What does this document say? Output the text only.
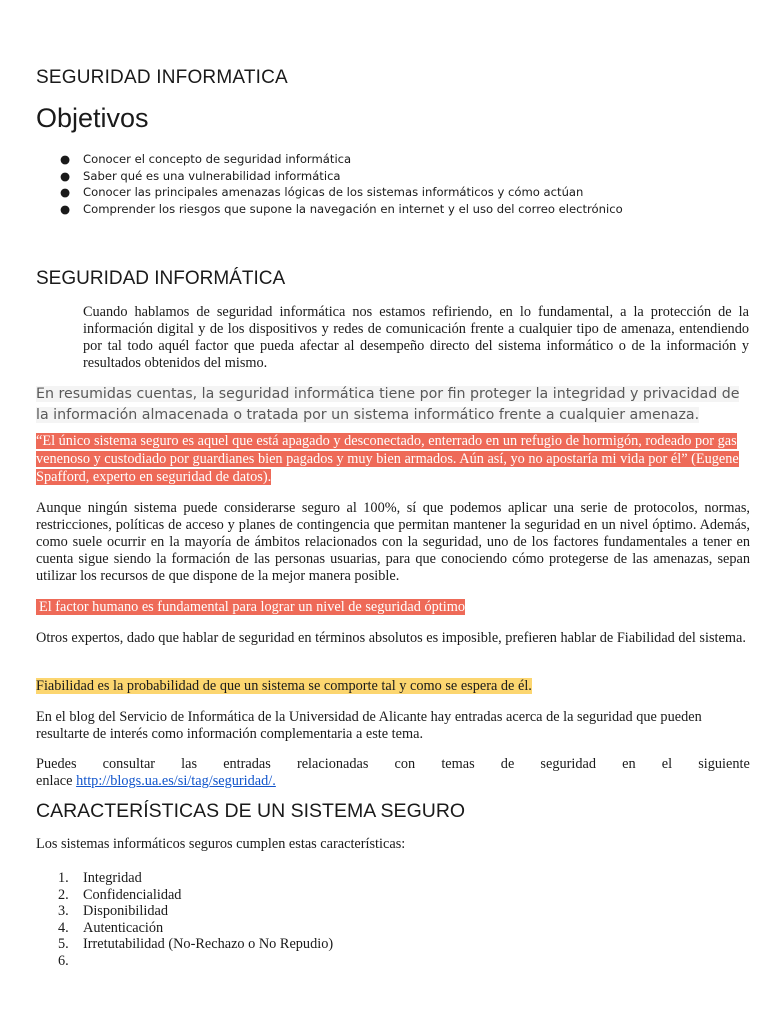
SEGURIDAD INFORMATICA
Objetivos
● Conocer el concepto de seguridad informática
● Saber qué es una vulnerabilidad informática
● Conocer las principales amenazas lógicas de los sistemas informáticos y cómo actúan
● Comprender los riesgos que supone la navegación en internet y el uso del correo electrónico
SEGURIDAD INFORMÁTICA
Cuando hablamos de seguridad informática nos estamos refiriendo, en lo fundamental, a la protección de la información digital y de los dispositivos y redes de comunicación frente a cualquier tipo de amenaza, entendiendo por tal todo aquél factor que pueda afectar al desempeño directo del sistema informático o de la información y resultados obtenidos del mismo.
En resumidas cuentas, la seguridad informática tiene por fin proteger la integridad y privacidad de la información almacenada o tratada por un sistema informático frente a cualquier amenaza.
“El único sistema seguro es aquel que está apagado y desconectado, enterrado en un refugio de hormigón, rodeado por gas venenoso y custodiado por guardianes bien pagados y muy bien armados. Aún así, yo no apostaría mi vida por él” (Eugene Spafford, experto en seguridad de datos).
Aunque ningún sistema puede considerarse seguro al 100%, sí que podemos aplicar una serie de protocolos, normas, restricciones, políticas de acceso y planes de contingencia que permitan mantener la seguridad en un nivel óptimo. Además, como suele ocurrir en la mayoría de ámbitos relacionados con la seguridad, uno de los factores fundamentales a tener en cuenta sigue siendo la formación de las personas usuarias, para que conociendo cómo protegerse de las amenazas, sepan utilizar los recursos de que dispone de la mejor manera posible.
El factor humano es fundamental para lograr un nivel de seguridad óptimo
Otros expertos, dado que hablar de seguridad en términos absolutos es imposible, prefieren hablar de Fiabilidad del sistema.
Fiabilidad es la probabilidad de que un sistema se comporte tal y como se espera de él.
En el blog del Servicio de Informática de la Universidad de Alicante hay entradas acerca de la seguridad que pueden resultarte de interés como información complementaria a este tema.
Puedes consultar las entradas relacionadas con temas de seguridad en el siguiente
enlace http://blogs.ua.es/si/tag/seguridad/.
CARACTERÍSTICAS DE UN SISTEMA SEGURO
Los sistemas informáticos seguros cumplen estas características:
1. Integridad
2. Confidencialidad
3. Disponibilidad
4. Autenticación
5. Irretutabilidad (No-Rechazo o No Repudio)
6.
